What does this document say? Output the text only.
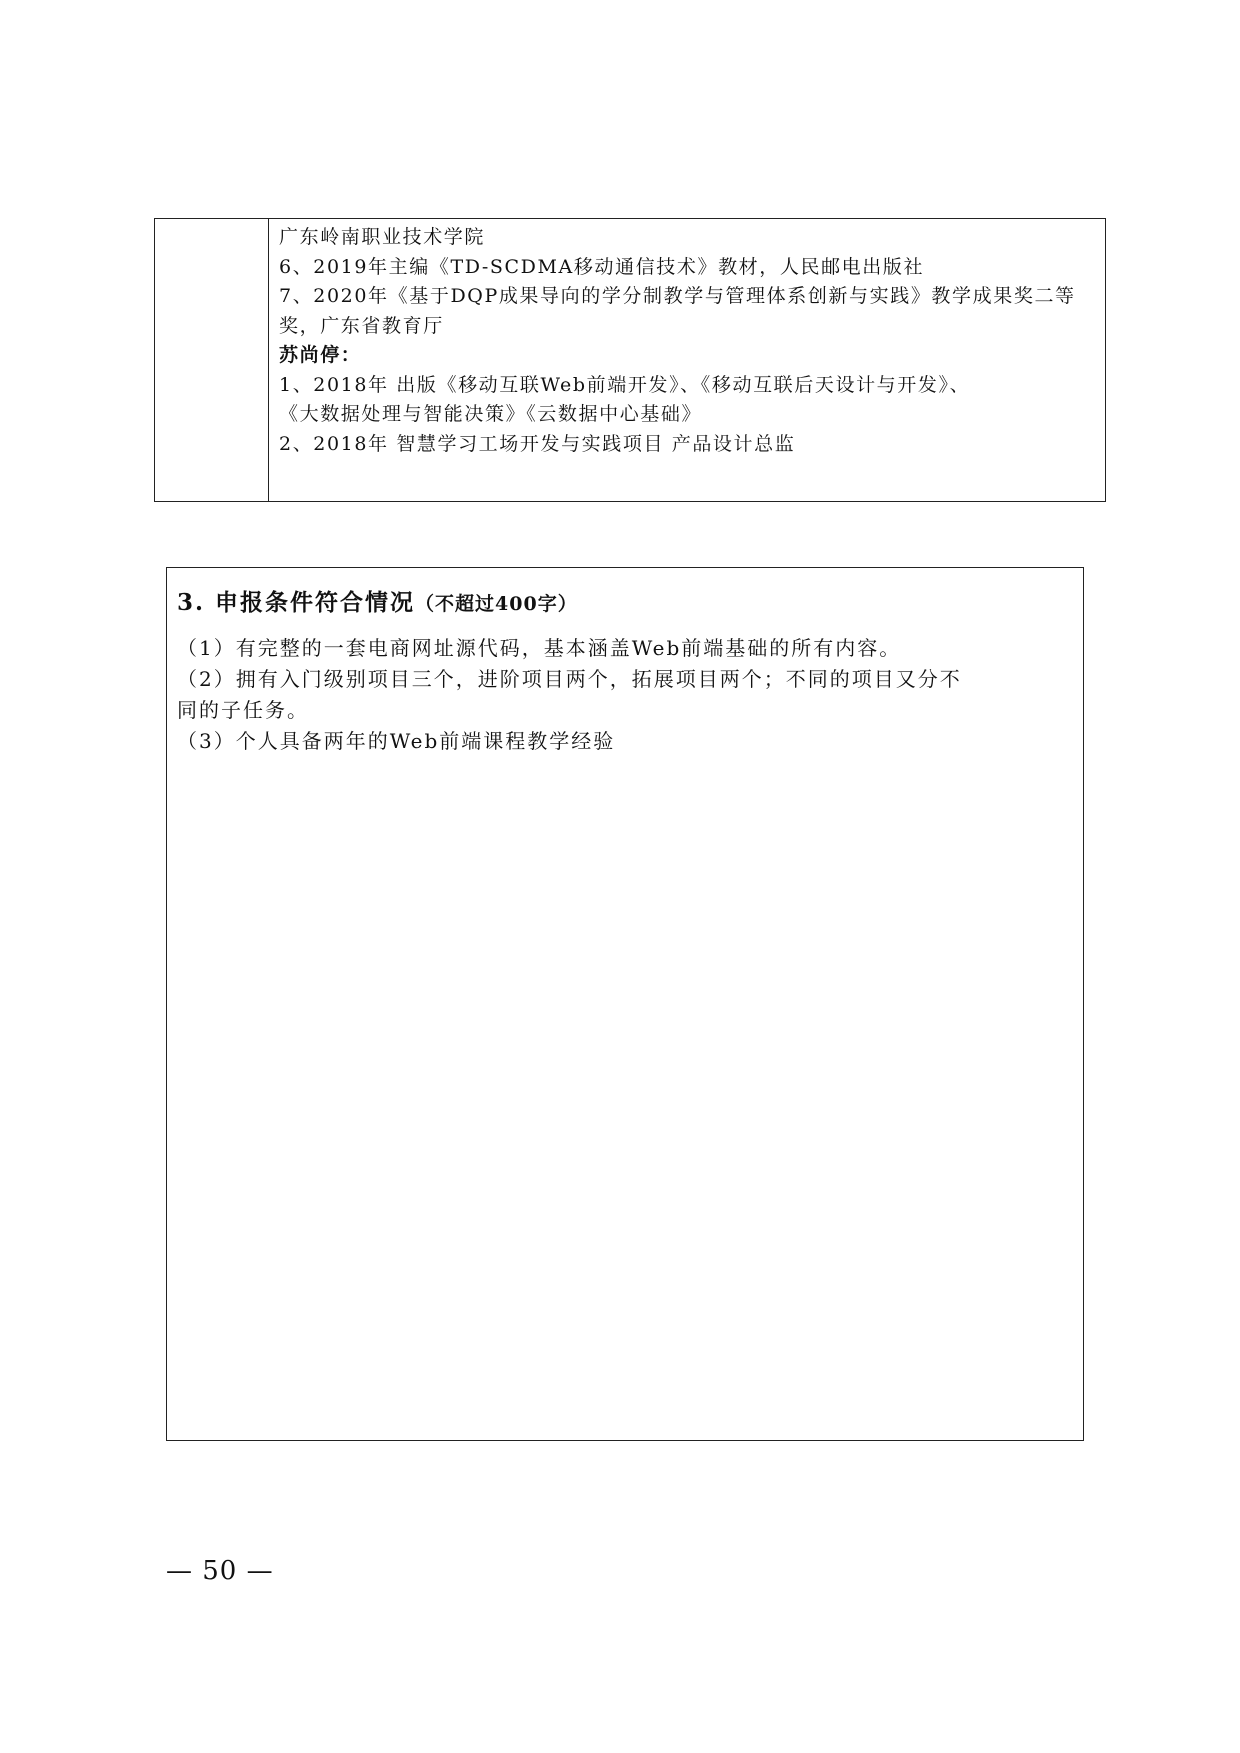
广东岭南职业技术学院
6、2019年主编《TD-SCDMA移动通信技术》教材，人民邮电出版社
7、2020年《基于DQP成果导向的学分制教学与管理体系创新与实践》教学成果奖二等
奖，广东省教育厅
苏尚停：
1、2018年 出版《移动互联Web前端开发》、《移动互联后天设计与开发》、
《大数据处理与智能决策》《云数据中心基础》
2、2018年 智慧学习工场开发与实践项目 产品设计总监
3. 申报条件符合情况（不超过400字）
（1）有完整的一套电商网址源代码，基本涵盖Web前端基础的所有内容。
（2）拥有入门级别项目三个，进阶项目两个，拓展项目两个；不同的项目又分不
同的子任务。
（3）个人具备两年的Web前端课程教学经验
— 50 —
